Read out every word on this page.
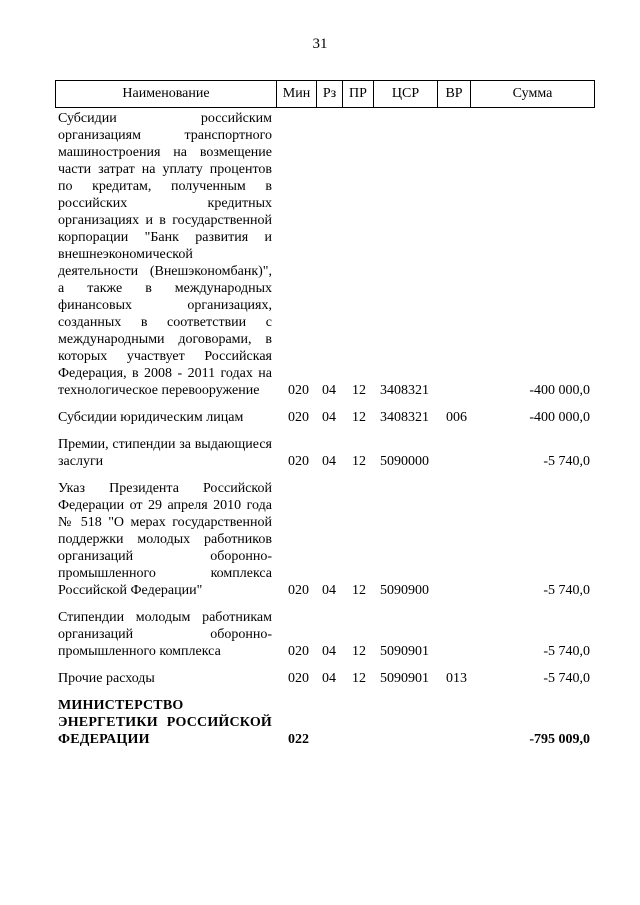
31
Наименование	Мин Рз ПР	ЦСР	ВР	Сумма
Субсидии российским организациям транспортного машиностроения на возмещение части затрат на уплату процентов по кредитам, полученным в российских кредитных организациях и в государственной корпорации "Банк развития и внешнеэкономической деятельности (Внешэкономбанк)", а также в международных финансовых организациях, созданных в соответствии с международными договорами, в которых участвует Российская Федерация, в 2008 - 2011 годах на технологическое перевооружение	020 04 12 3408321	-400 000,0
Субсидии юридическим лицам	020 04 12 3408321 006	-400 000,0
Премии, стипендии за выдающиеся заслуги	020 04 12 5090000	-5 740,0
Указ Президента Российской Федерации от 29 апреля 2010 года № 518 "О мерах государственной поддержки молодых работников организаций оборонно-промышленного комплекса Российской Федерации"	020 04 12 5090900	-5 740,0
Стипендии молодым работникам организаций оборонно-промышленного комплекса	020 04 12 5090901	-5 740,0
Прочие расходы	020 04 12 5090901 013	-5 740,0
МИНИСТЕРСТВО ЭНЕРГЕТИКИ РОССИЙСКОЙ ФЕДЕРАЦИИ	022	-795 009,0
